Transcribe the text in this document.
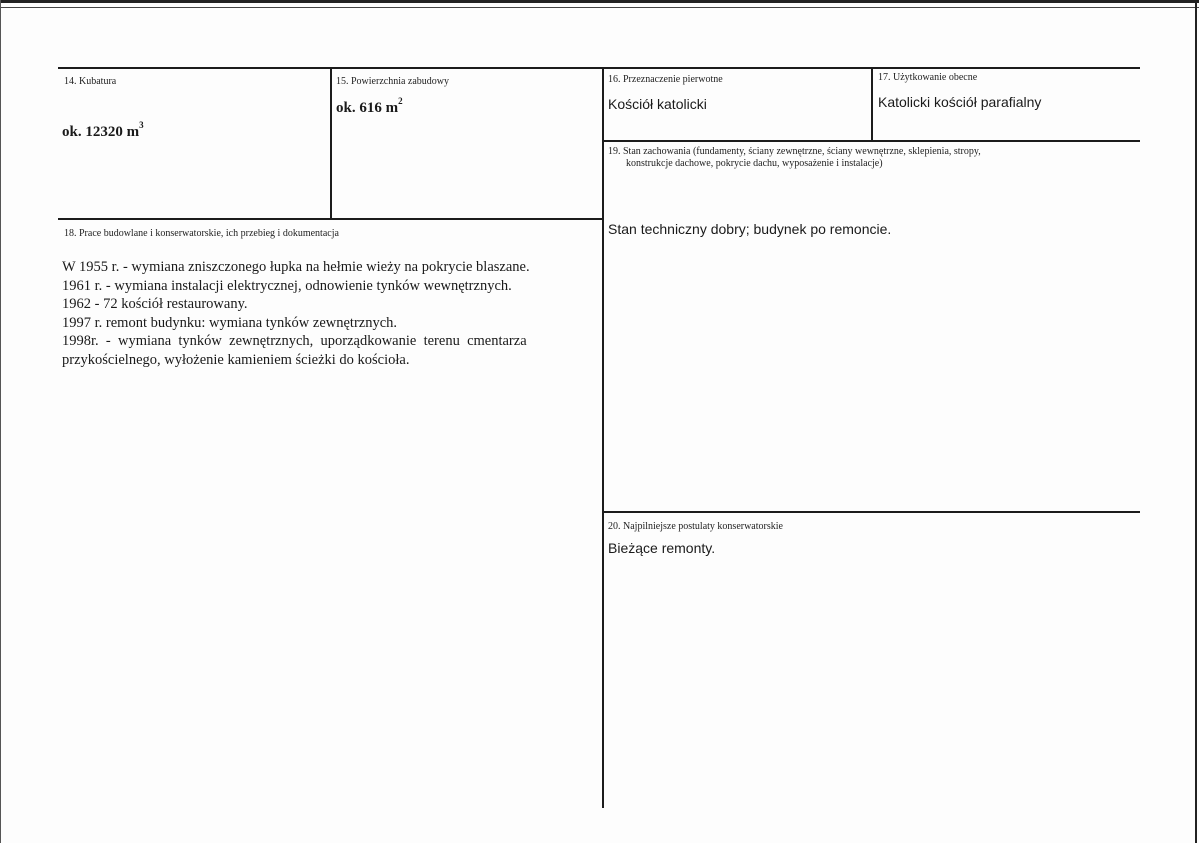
14. Kubatura
ok. 12320 $m^3$
15. Powierzchnia zabudowy
ok. 616 $m^2$
16. Przeznaczenie pierwotne
Kościół katolicki
17. Użytkowanie obecne
Katolicki kościół parafialny
19. Stan zachowania (fundamenty, ściany zewnętrzne, ściany wewnętrzne, sklepienia, stropy,
konstrukcje dachowe, pokrycie dachu, wyposażenie i instalacje)
Stan techniczny dobry; budynek po remoncie.
18. Prace budowlane i konserwatorskie, ich przebieg i dokumentacja
W 1955 r. - wymiana zniszczonego łupka na hełmie wieży na pokrycie blaszane.
1961 r. - wymiana instalacji elektrycznej, odnowienie tynków wewnętrznych.
1962 - 72 kościół restaurowany.
1997 r. remont budynku: wymiana tynków zewnętrznych.
1998r.  -  wymiana  tynków  zewnętrznych,  uporządkowanie  terenu  cmentarza
przykościelnego, wyłożenie kamieniem ścieżki do kościoła.
20. Najpilniejsze postulaty konserwatorskie
Bieżące remonty.
